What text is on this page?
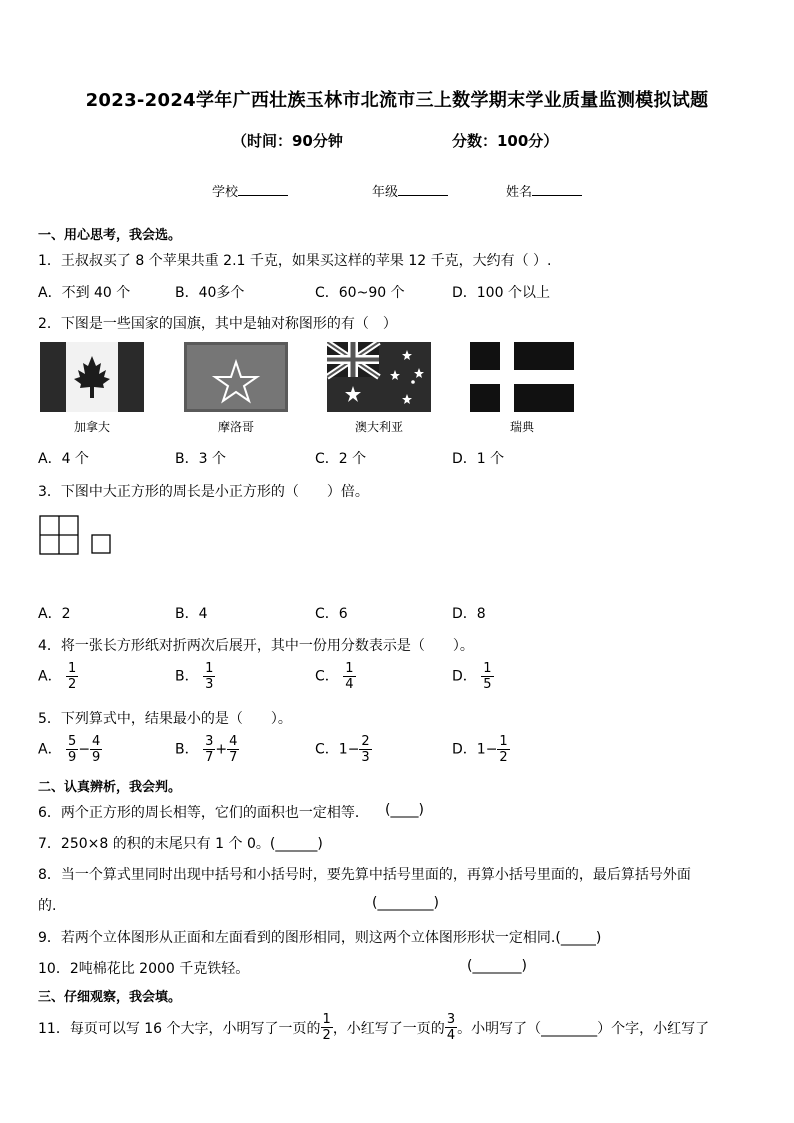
2023-2024学年广西壮族玉林市北流市三上数学期末学业质量监测模拟试题
（时间：90分钟	分数：100分）
学校	年级	姓名
一、用心思考，我会选。
1．王叔叔买了 8 个苹果共重 2.1 千克，如果买这样的苹果 12 千克，大约有（ ）.
A．不到 40 个	B．40多个	C．60~90 个	D．100 个以上
2．下图是一些国家的国旗，其中是轴对称图形的有（　）
加拿大	摩洛哥	澳大利亚	瑞典
A．4 个	B．3 个	C．2 个	D．1 个
3．下图中大正方形的周长是小正方形的（　　）倍。
A．2	B．4	C．6	D．8
4．将一张长方形纸对折两次后展开，其中一份用分数表示是（　　）。
A． $\frac{1}{2}$	B． $\frac{1}{3}$	C． $\frac{1}{4}$	D． $\frac{1}{5}$
5．下列算式中，结果最小的是（　　）。
A． $\frac{5}{9} - \frac{4}{9}$	B． $\frac{3}{7} + \frac{4}{7}$	C．$1- \frac{2}{3}$	D．$1- \frac{1}{2}$
二、认真辨析，我会判。
6．两个正方形的周长相等，它们的面积也一定相等． (____)
7．250×8 的积的末尾只有 1 个 0。(______)
8．当一个算式里同时出现中括号和小括号时，要先算中括号里面的，再算小括号里面的，最后算括号外面
的.	(________)
9．若两个立体图形从正面和左面看到的图形相同，则这两个立体图形形状一定相同.(_____)
10．2吨棉花比 2000 千克铁轻。	(_______)
三、仔细观察，我会填。
11．每页可以写 16 个大字，小明写了一页的 $\frac{1}{2}$ ，小红写了一页的 $\frac{3}{4}$ 。小明写了（________）个字，小红写了
